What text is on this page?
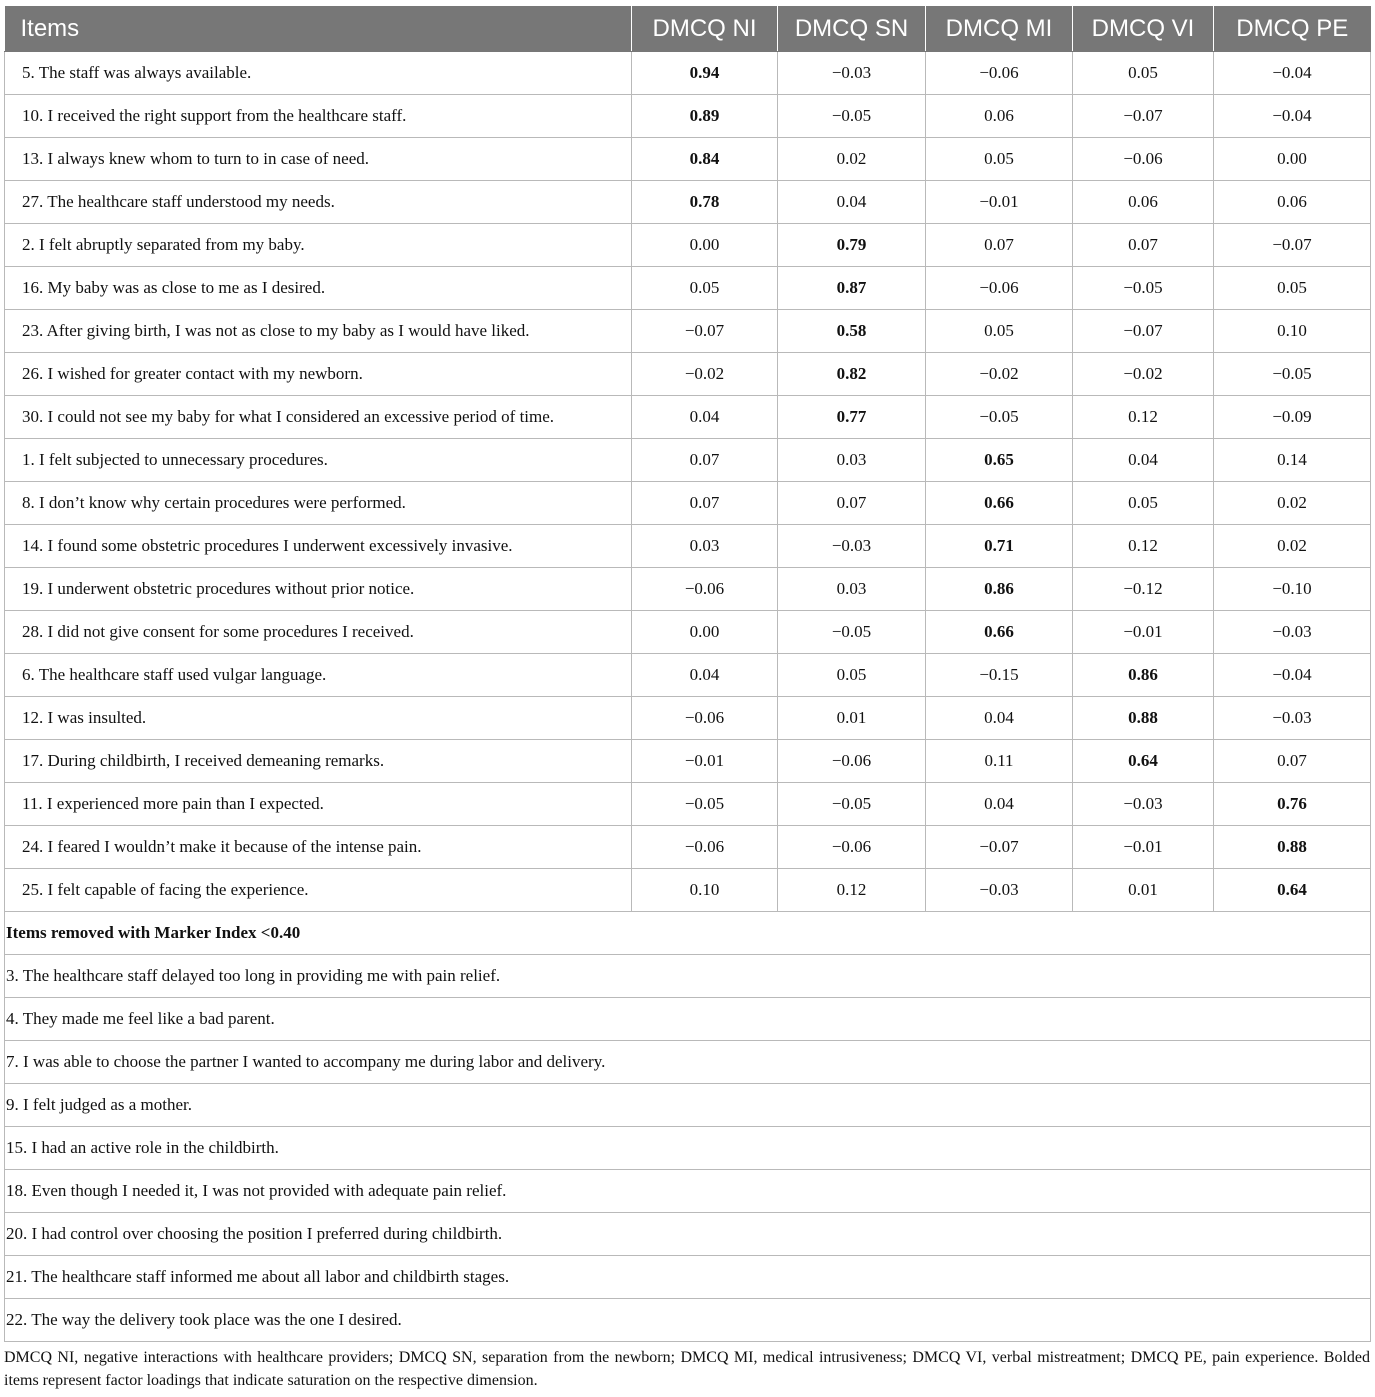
Items	DMCQ NI	DMCQ SN	DMCQ MI	DMCQ VI	DMCQ PE
5. The staff was always available.	0.94	−0.03	−0.06	0.05	−0.04
10. I received the right support from the healthcare staff.	0.89	−0.05	0.06	−0.07	−0.04
13. I always knew whom to turn to in case of need.	0.84	0.02	0.05	−0.06	0.00
27. The healthcare staff understood my needs.	0.78	0.04	−0.01	0.06	0.06
2. I felt abruptly separated from my baby.	0.00	0.79	0.07	0.07	−0.07
16. My baby was as close to me as I desired.	0.05	0.87	−0.06	−0.05	0.05
23. After giving birth, I was not as close to my baby as I would have liked.	−0.07	0.58	0.05	−0.07	0.10
26. I wished for greater contact with my newborn.	−0.02	0.82	−0.02	−0.02	−0.05
30. I could not see my baby for what I considered an excessive period of time.	0.04	0.77	−0.05	0.12	−0.09
1. I felt subjected to unnecessary procedures.	0.07	0.03	0.65	0.04	0.14
8. I don’t know why certain procedures were performed.	0.07	0.07	0.66	0.05	0.02
14. I found some obstetric procedures I underwent excessively invasive.	0.03	−0.03	0.71	0.12	0.02
19. I underwent obstetric procedures without prior notice.	−0.06	0.03	0.86	−0.12	−0.10
28. I did not give consent for some procedures I received.	0.00	−0.05	0.66	−0.01	−0.03
6. The healthcare staff used vulgar language.	0.04	0.05	−0.15	0.86	−0.04
12. I was insulted.	−0.06	0.01	0.04	0.88	−0.03
17. During childbirth, I received demeaning remarks.	−0.01	−0.06	0.11	0.64	0.07
11. I experienced more pain than I expected.	−0.05	−0.05	0.04	−0.03	0.76
24. I feared I wouldn’t make it because of the intense pain.	−0.06	−0.06	−0.07	−0.01	0.88
25. I felt capable of facing the experience.	0.10	0.12	−0.03	0.01	0.64
Items removed with Marker Index <0.40					
3. The healthcare staff delayed too long in providing me with pain relief.					
4. They made me feel like a bad parent.					
7. I was able to choose the partner I wanted to accompany me during labor and delivery.					
9. I felt judged as a mother.					
15. I had an active role in the childbirth.					
18. Even though I needed it, I was not provided with adequate pain relief.					
20. I had control over choosing the position I preferred during childbirth.					
21. The healthcare staff informed me about all labor and childbirth stages.					
22. The way the delivery took place was the one I desired.					

DMCQ NI, negative interactions with healthcare providers; DMCQ SN, separation from the newborn; DMCQ MI, medical intrusiveness; DMCQ VI, verbal mistreatment; DMCQ PE, pain experience. Bolded items represent factor loadings that indicate saturation on the respective dimension.
